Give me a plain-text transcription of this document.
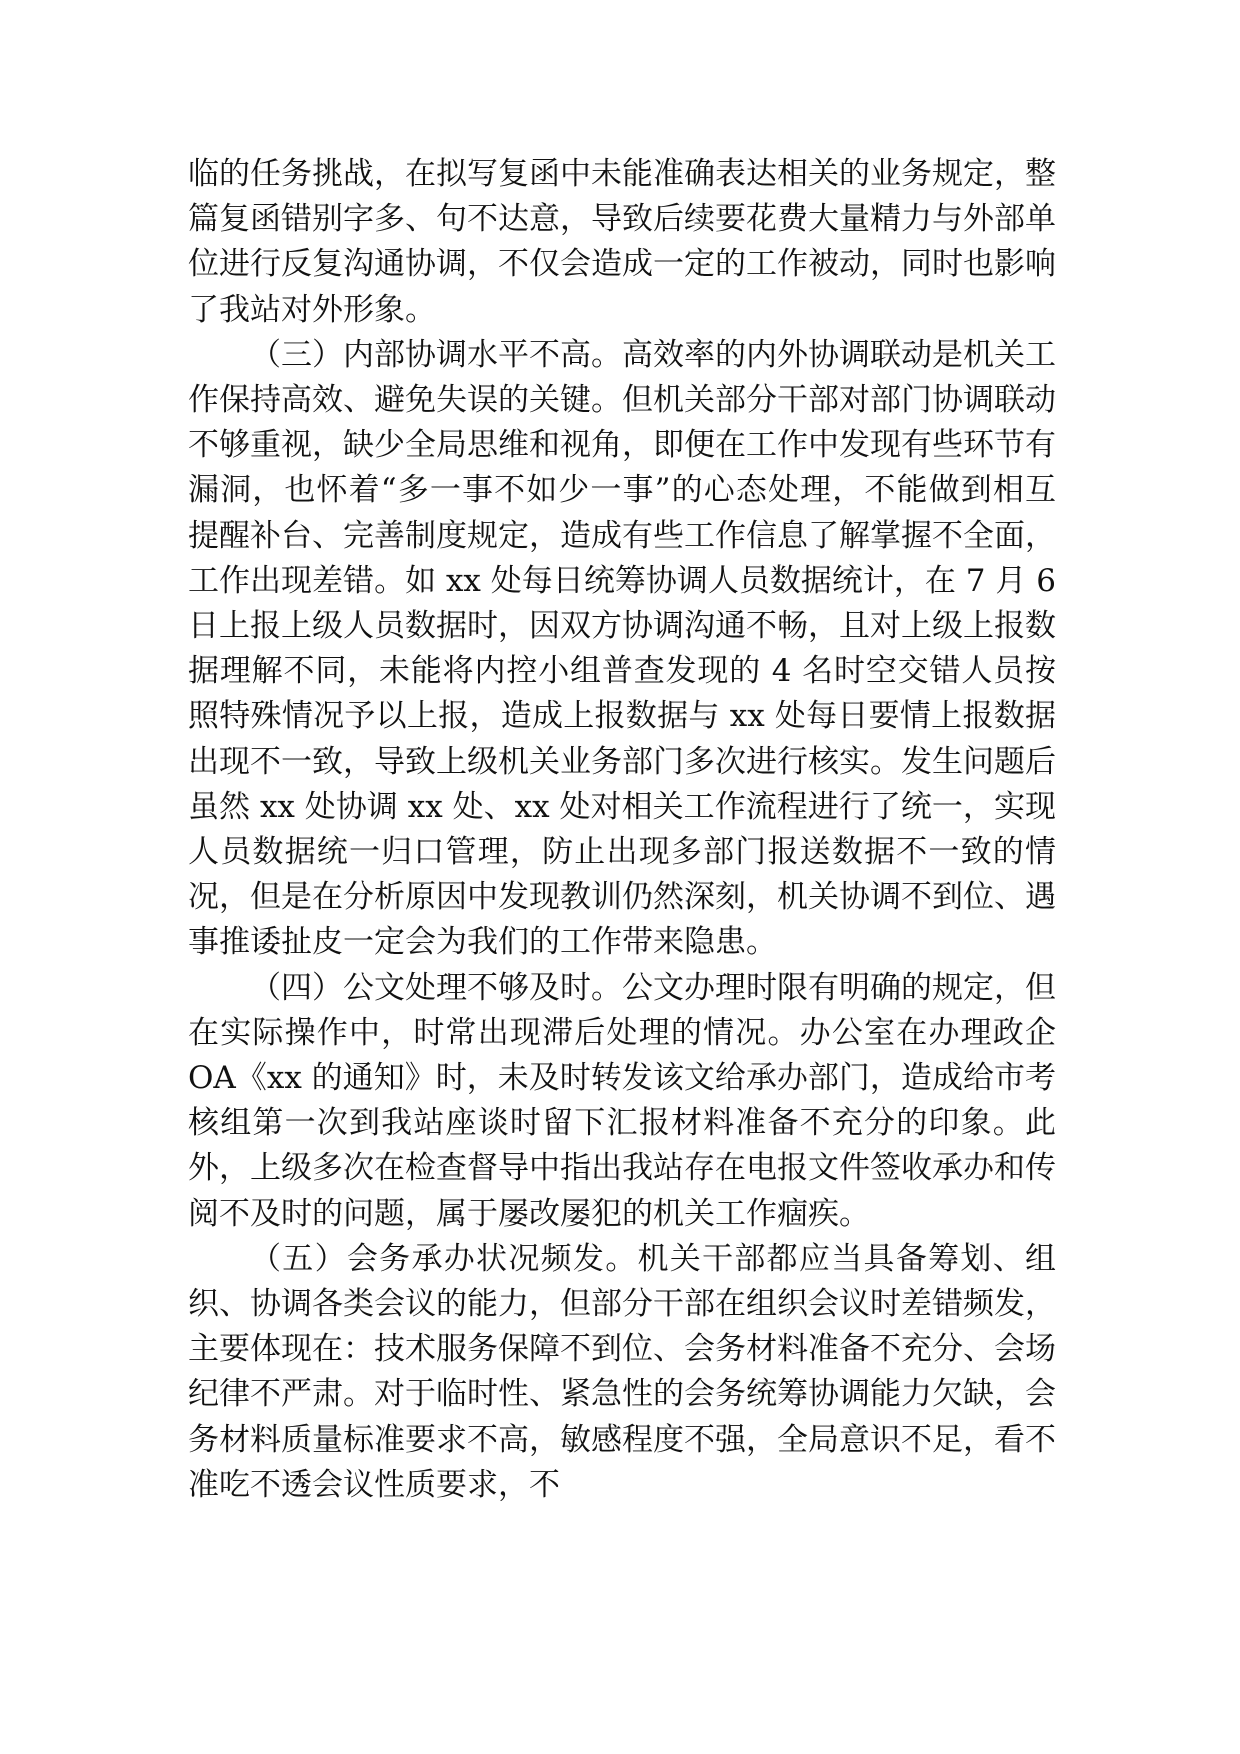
临的任务挑战，在拟写复函中未能准确表达相关的业务规定，整篇复函错别字多、句不达意，导致后续要花费大量精力与外部单位进行反复沟通协调，不仅会造成一定的工作被动，同时也影响了我站对外形象。

（三）内部协调水平不高。高效率的内外协调联动是机关工作保持高效、避免失误的关键。但机关部分干部对部门协调联动不够重视，缺少全局思维和视角，即便在工作中发现有些环节有漏洞，也怀着“多一事不如少一事”的心态处理，不能做到相互提醒补台、完善制度规定，造成有些工作信息了解掌握不全面，工作出现差错。如 xx 处每日统筹协调人员数据统计，在 7 月 6 日上报上级人员数据时，因双方协调沟通不畅，且对上级上报数据理解不同，未能将内控小组普查发现的 4 名时空交错人员按照特殊情况予以上报，造成上报数据与 xx 处每日要情上报数据出现不一致，导致上级机关业务部门多次进行核实。发生问题后虽然 xx 处协调 xx 处、xx 处对相关工作流程进行了统一，实现人员数据统一归口管理，防止出现多部门报送数据不一致的情况，但是在分析原因中发现教训仍然深刻，机关协调不到位、遇事推诿扯皮一定会为我们的工作带来隐患。

（四）公文处理不够及时。公文办理时限有明确的规定，但在实际操作中，时常出现滞后处理的情况。办公室在办理政企 OA《xx 的通知》时，未及时转发该文给承办部门，造成给市考核组第一次到我站座谈时留下汇报材料准备不充分的印象。此外，上级多次在检查督导中指出我站存在电报文件签收承办和传阅不及时的问题，属于屡改屡犯的机关工作痼疾。

（五）会务承办状况频发。机关干部都应当具备筹划、组织、协调各类会议的能力，但部分干部在组织会议时差错频发，主要体现在：技术服务保障不到位、会务材料准备不充分、会场纪律不严肃。对于临时性、紧急性的会务统筹协调能力欠缺，会务材料质量标准要求不高，敏感程度不强，全局意识不足，看不准吃不透会议性质要求，不
